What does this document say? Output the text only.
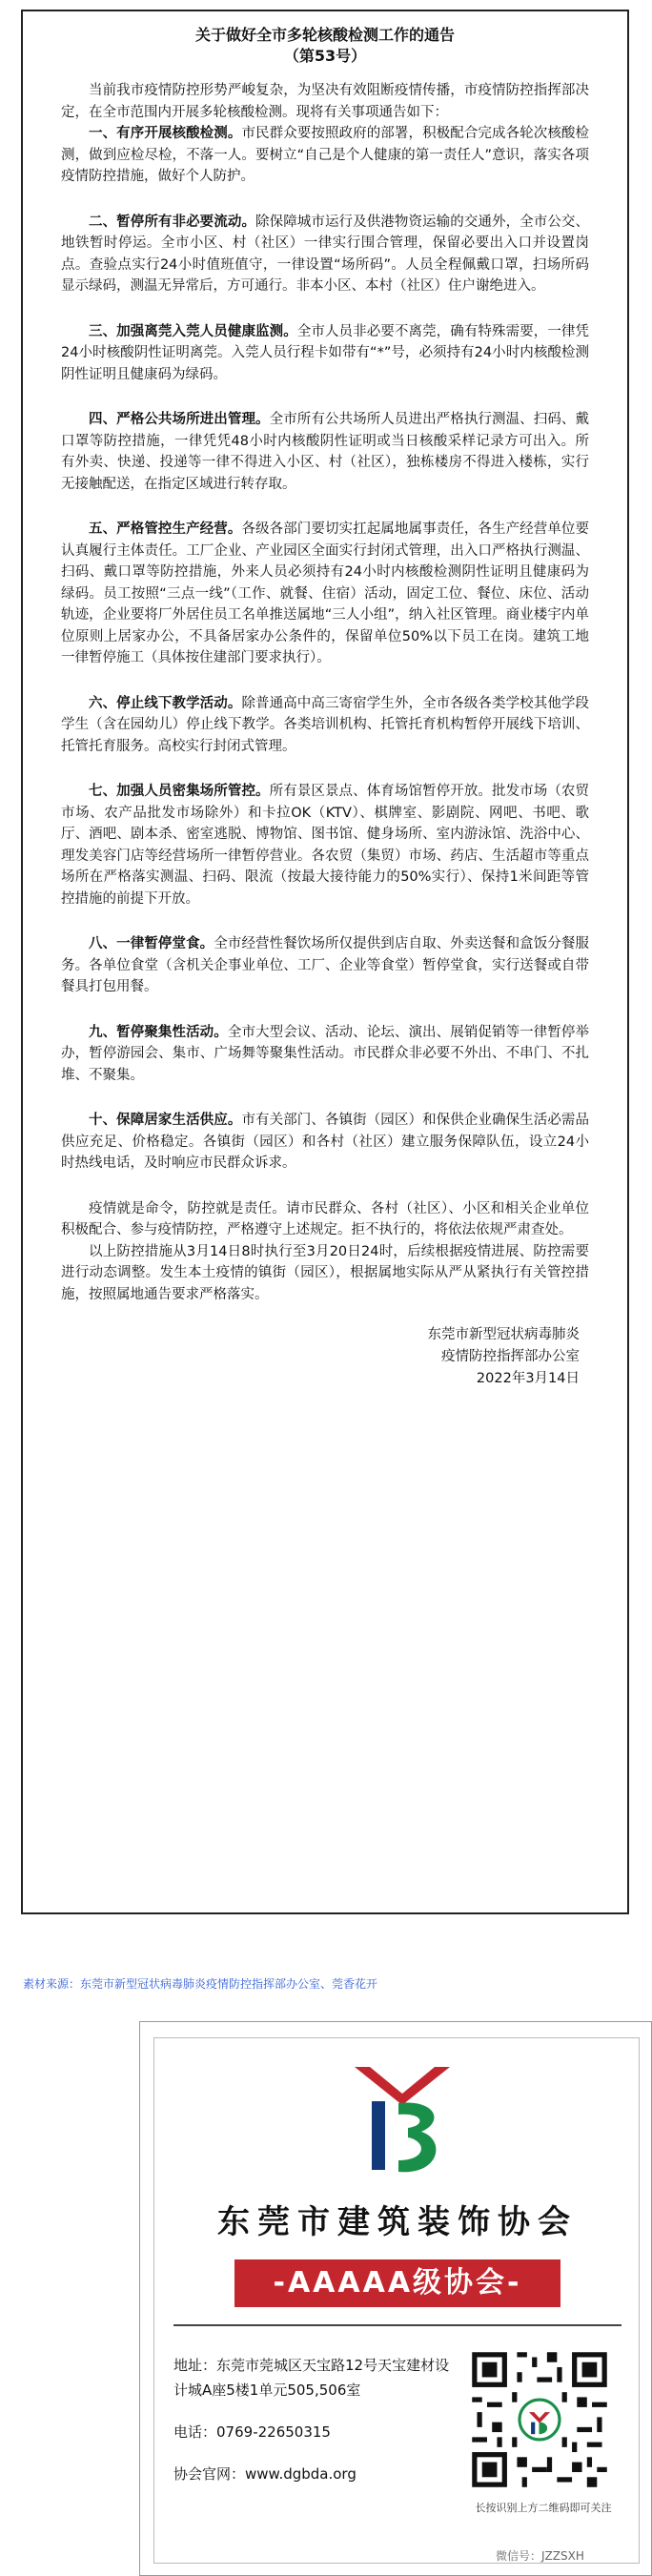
关于做好全市多轮核酸检测工作的通告

（第53号）

当前我市疫情防控形势严峻复杂，为坚决有效阻断疫情传播，市疫情防控指挥部决定，在全市范围内开展多轮核酸检测。现将有关事项通告如下：

一、有序开展核酸检测。市民群众要按照政府的部署，积极配合完成各轮次核酸检测，做到应检尽检，不落一人。要树立“自己是个人健康的第一责任人”意识，落实各项疫情防控措施，做好个人防护。

二、暂停所有非必要流动。除保障城市运行及供港物资运输的交通外，全市公交、地铁暂时停运。全市小区、村（社区）一律实行围合管理，保留必要出入口并设置岗点。查验点实行24小时值班值守，一律设置“场所码”。人员全程佩戴口罩，扫场所码显示绿码，测温无异常后，方可通行。非本小区、本村（社区）住户谢绝进入。

三、加强离莞入莞人员健康监测。全市人员非必要不离莞，确有特殊需要，一律凭24小时核酸阴性证明离莞。入莞人员行程卡如带有“*”号，必须持有24小时内核酸检测阴性证明且健康码为绿码。

四、严格公共场所进出管理。全市所有公共场所人员进出严格执行测温、扫码、戴口罩等防控措施，一律凭凭48小时内核酸阴性证明或当日核酸采样记录方可出入。所有外卖、快递、投递等一律不得进入小区、村（社区），独栋楼房不得进入楼栋，实行无接触配送，在指定区域进行转存取。

五、严格管控生产经营。各级各部门要切实扛起属地属事责任，各生产经营单位要认真履行主体责任。工厂企业、产业园区全面实行封闭式管理，出入口严格执行测温、扫码、戴口罩等防控措施，外来人员必须持有24小时内核酸检测阴性证明且健康码为绿码。员工按照“三点一线”（工作、就餐、住宿）活动，固定工位、餐位、床位、活动轨迹，企业要将厂外居住员工名单推送属地“三人小组”，纳入社区管理。商业楼宇内单位原则上居家办公，不具备居家办公条件的，保留单位50%以下员工在岗。建筑工地一律暂停施工（具体按住建部门要求执行）。

六、停止线下教学活动。除普通高中高三寄宿学生外，全市各级各类学校其他学段学生（含在园幼儿）停止线下教学。各类培训机构、托管托育机构暂停开展线下培训、托管托育服务。高校实行封闭式管理。

七、加强人员密集场所管控。所有景区景点、体育场馆暂停开放。批发市场（农贸市场、农产品批发市场除外）和卡拉OK（KTV）、棋牌室、影剧院、网吧、书吧、歌厅、酒吧、剧本杀、密室逃脱、博物馆、图书馆、健身场所、室内游泳馆、洗浴中心、理发美容门店等经营场所一律暂停营业。各农贸（集贸）市场、药店、生活超市等重点场所在严格落实测温、扫码、限流（按最大接待能力的50%实行）、保持1米间距等管控措施的前提下开放。

八、一律暂停堂食。全市经营性餐饮场所仅提供到店自取、外卖送餐和盒饭分餐服务。各单位食堂（含机关企事业单位、工厂、企业等食堂）暂停堂食，实行送餐或自带餐具打包用餐。

九、暂停聚集性活动。全市大型会议、活动、论坛、演出、展销促销等一律暂停举办，暂停游园会、集市、广场舞等聚集性活动。市民群众非必要不外出、不串门、不扎堆、不聚集。

十、保障居家生活供应。市有关部门、各镇街（园区）和保供企业确保生活必需品供应充足、价格稳定。各镇街（园区）和各村（社区）建立服务保障队伍，设立24小时热线电话，及时响应市民群众诉求。

疫情就是命令，防控就是责任。请市民群众、各村（社区）、小区和相关企业单位积极配合、参与疫情防控，严格遵守上述规定。拒不执行的，将依法依规严肃查处。

以上防控措施从3月14日8时执行至3月20日24时，后续根据疫情进展、防控需要进行动态调整。发生本土疫情的镇街（园区），根据属地实际从严从紧执行有关管控措施，按照属地通告要求严格落实。

东莞市新型冠状病毒肺炎
疫情防控指挥部办公室
2022年3月14日
素材来源：东莞市新型冠状病毒肺炎疫情防控指挥部办公室、莞香花开
东莞市建筑装饰协会
-AAAAA级协会-
地址：东莞市莞城区天宝路12号天宝建材设计城A座5楼1单元505,506室
电话：0769-22650315
协会官网：www.dgbda.org
长按识别上方二维码即可关注
微信号：JZZSXH
